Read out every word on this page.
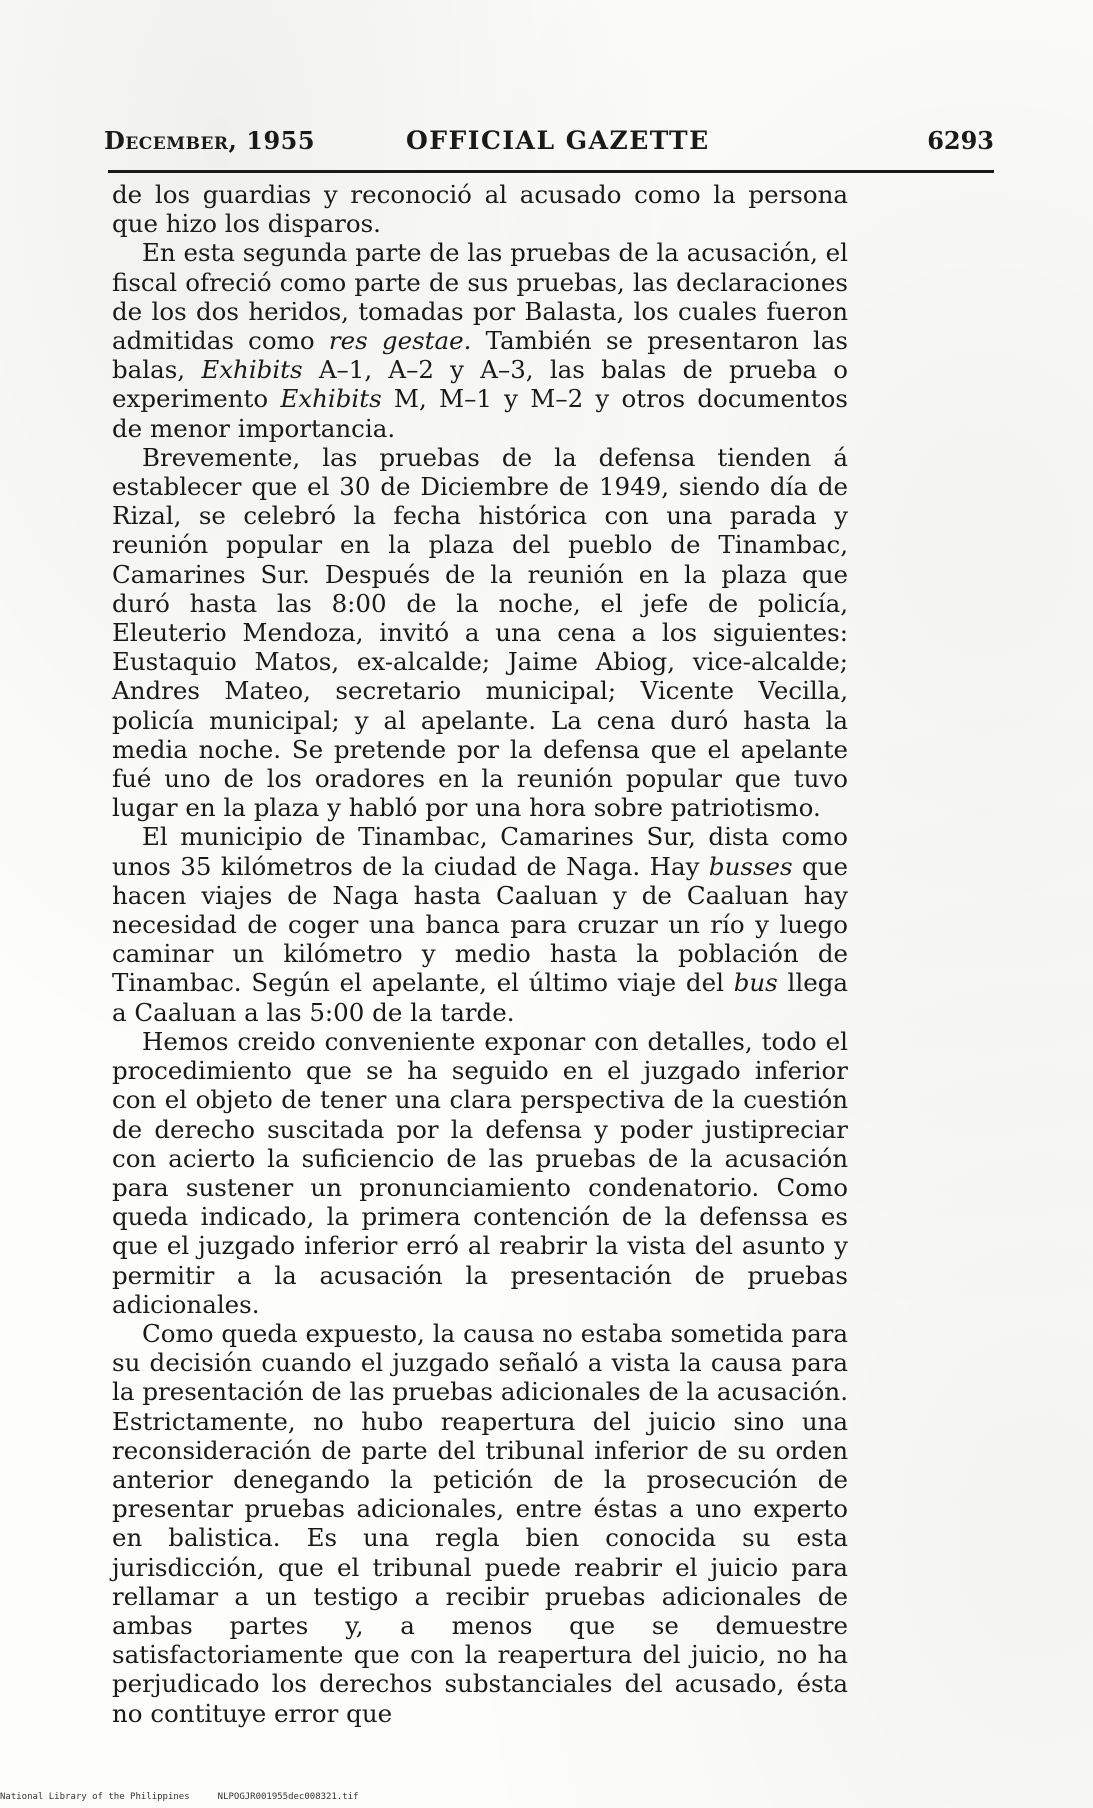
December, 1955	OFFICIAL GAZETTE	6293

de los guardias y reconoció al acusado como la persona que hizo los disparos.

En esta segunda parte de las pruebas de la acusación, el fiscal ofreció como parte de sus pruebas, las declaraciones de los dos heridos, tomadas por Balasta, los cuales fueron admitidas como res gestae. También se presentaron las balas, Exhibits A–1, A–2 y A–3, las balas de prueba o experimento Exhibits M, M–1 y M–2 y otros documentos de menor importancia.

Brevemente, las pruebas de la defensa tienden á establecer que el 30 de Diciembre de 1949, siendo día de Rizal, se celebró la fecha histórica con una parada y reunión popular en la plaza del pueblo de Tinambac, Camarines Sur. Después de la reunión en la plaza que duró hasta las 8:00 de la noche, el jefe de policía, Eleuterio Mendoza, invitó a una cena a los siguientes: Eustaquio Matos, ex-alcalde; Jaime Abiog, vice-alcalde; Andres Mateo, secretario municipal; Vicente Vecilla, policía municipal; y al apelante. La cena duró hasta la media noche. Se pretende por la defensa que el apelante fué uno de los oradores en la reunión popular que tuvo lugar en la plaza y habló por una hora sobre patriotismo.

El municipio de Tinambac, Camarines Sur, dista como unos 35 kilómetros de la ciudad de Naga. Hay busses que hacen viajes de Naga hasta Caaluan y de Caaluan hay necesidad de coger una banca para cruzar un río y luego caminar un kilómetro y medio hasta la población de Tinambac. Según el apelante, el último viaje del bus llega a Caaluan a las 5:00 de la tarde.

Hemos creido conveniente exponar con detalles, todo el procedimiento que se ha seguido en el juzgado inferior con el objeto de tener una clara perspectiva de la cuestión de derecho suscitada por la defensa y poder justipreciar con acierto la suficiencio de las pruebas de la acusación para sustener un pronunciamiento condenatorio. Como queda indicado, la primera contención de la defenssa es que el juzgado inferior erró al reabrir la vista del asunto y permitir a la acusación la presentación de pruebas adicionales.

Como queda expuesto, la causa no estaba sometida para su decisión cuando el juzgado señaló a vista la causa para la presentación de las pruebas adicionales de la acusación. Estrictamente, no hubo reapertura del juicio sino una reconsideración de parte del tribunal inferior de su orden anterior denegando la petición de la prosecución de presentar pruebas adicionales, entre éstas a uno experto en balistica. Es una regla bien conocida su esta jurisdicción, que el tribunal puede reabrir el juicio para rellamar a un testigo a recibir pruebas adicionales de ambas partes y, a menos que se demuestre satisfactoriamente que con la reapertura del juicio, no ha perjudicado los derechos substanciales del acusado, ésta no contituye error que

National Library of the Philippines	NLPOGJR001955dec008321.tif
